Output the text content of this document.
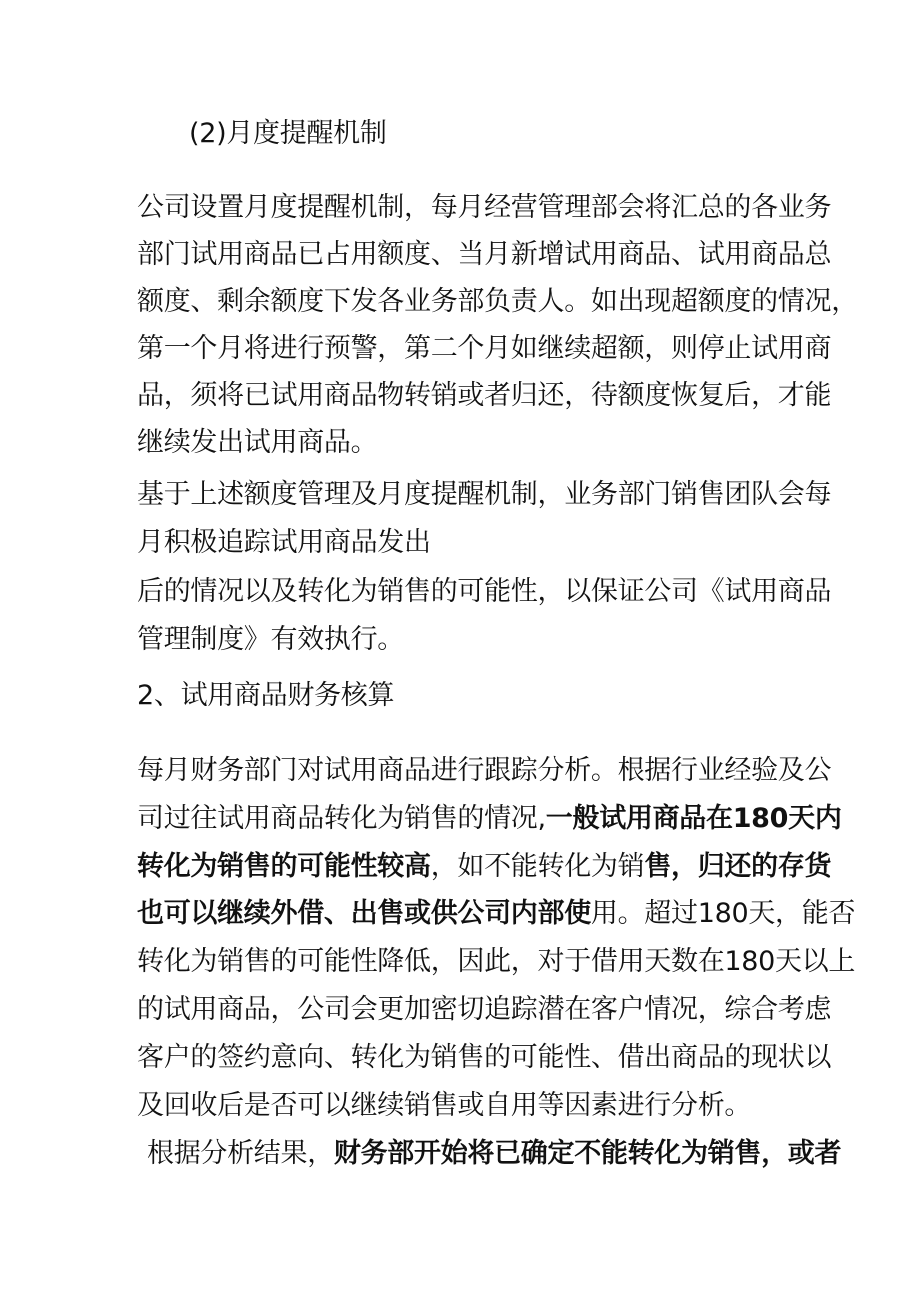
(2)月度提醒机制
公司设置月度提醒机制，每月经营管理部会将汇总的各业务
部门试用商品已占用额度、当月新增试用商品、试用商品总
额度、剩余额度下发各业务部负责人。如出现超额度的情况，
第一个月将进行预警，第二个月如继续超额，则停止试用商
品，须将已试用商品物转销或者归还，待额度恢复后，才能
继续发出试用商品。
基于上述额度管理及月度提醒机制，业务部门销售团队会每
月积极追踪试用商品发出
后的情况以及转化为销售的可能性，以保证公司《试用商品
管理制度》有效执行。
2、试用商品财务核算
每月财务部门对试用商品进行跟踪分析。根据行业经验及公
司过往试用商品转化为销售的情况,一般试用商品在180天内
转化为销售的可能性较高，如不能转化为销售，归还的存货
也可以继续外借、出售或供公司内部使用。超过180天，能否
转化为销售的可能性降低，因此，对于借用天数在180天以上
的试用商品，公司会更加密切追踪潜在客户情况，综合考虑
客户的签约意向、转化为销售的可能性、借出商品的现状以
及回收后是否可以继续销售或自用等因素进行分析。
根据分析结果，财务部开始将已确定不能转化为销售，或者
